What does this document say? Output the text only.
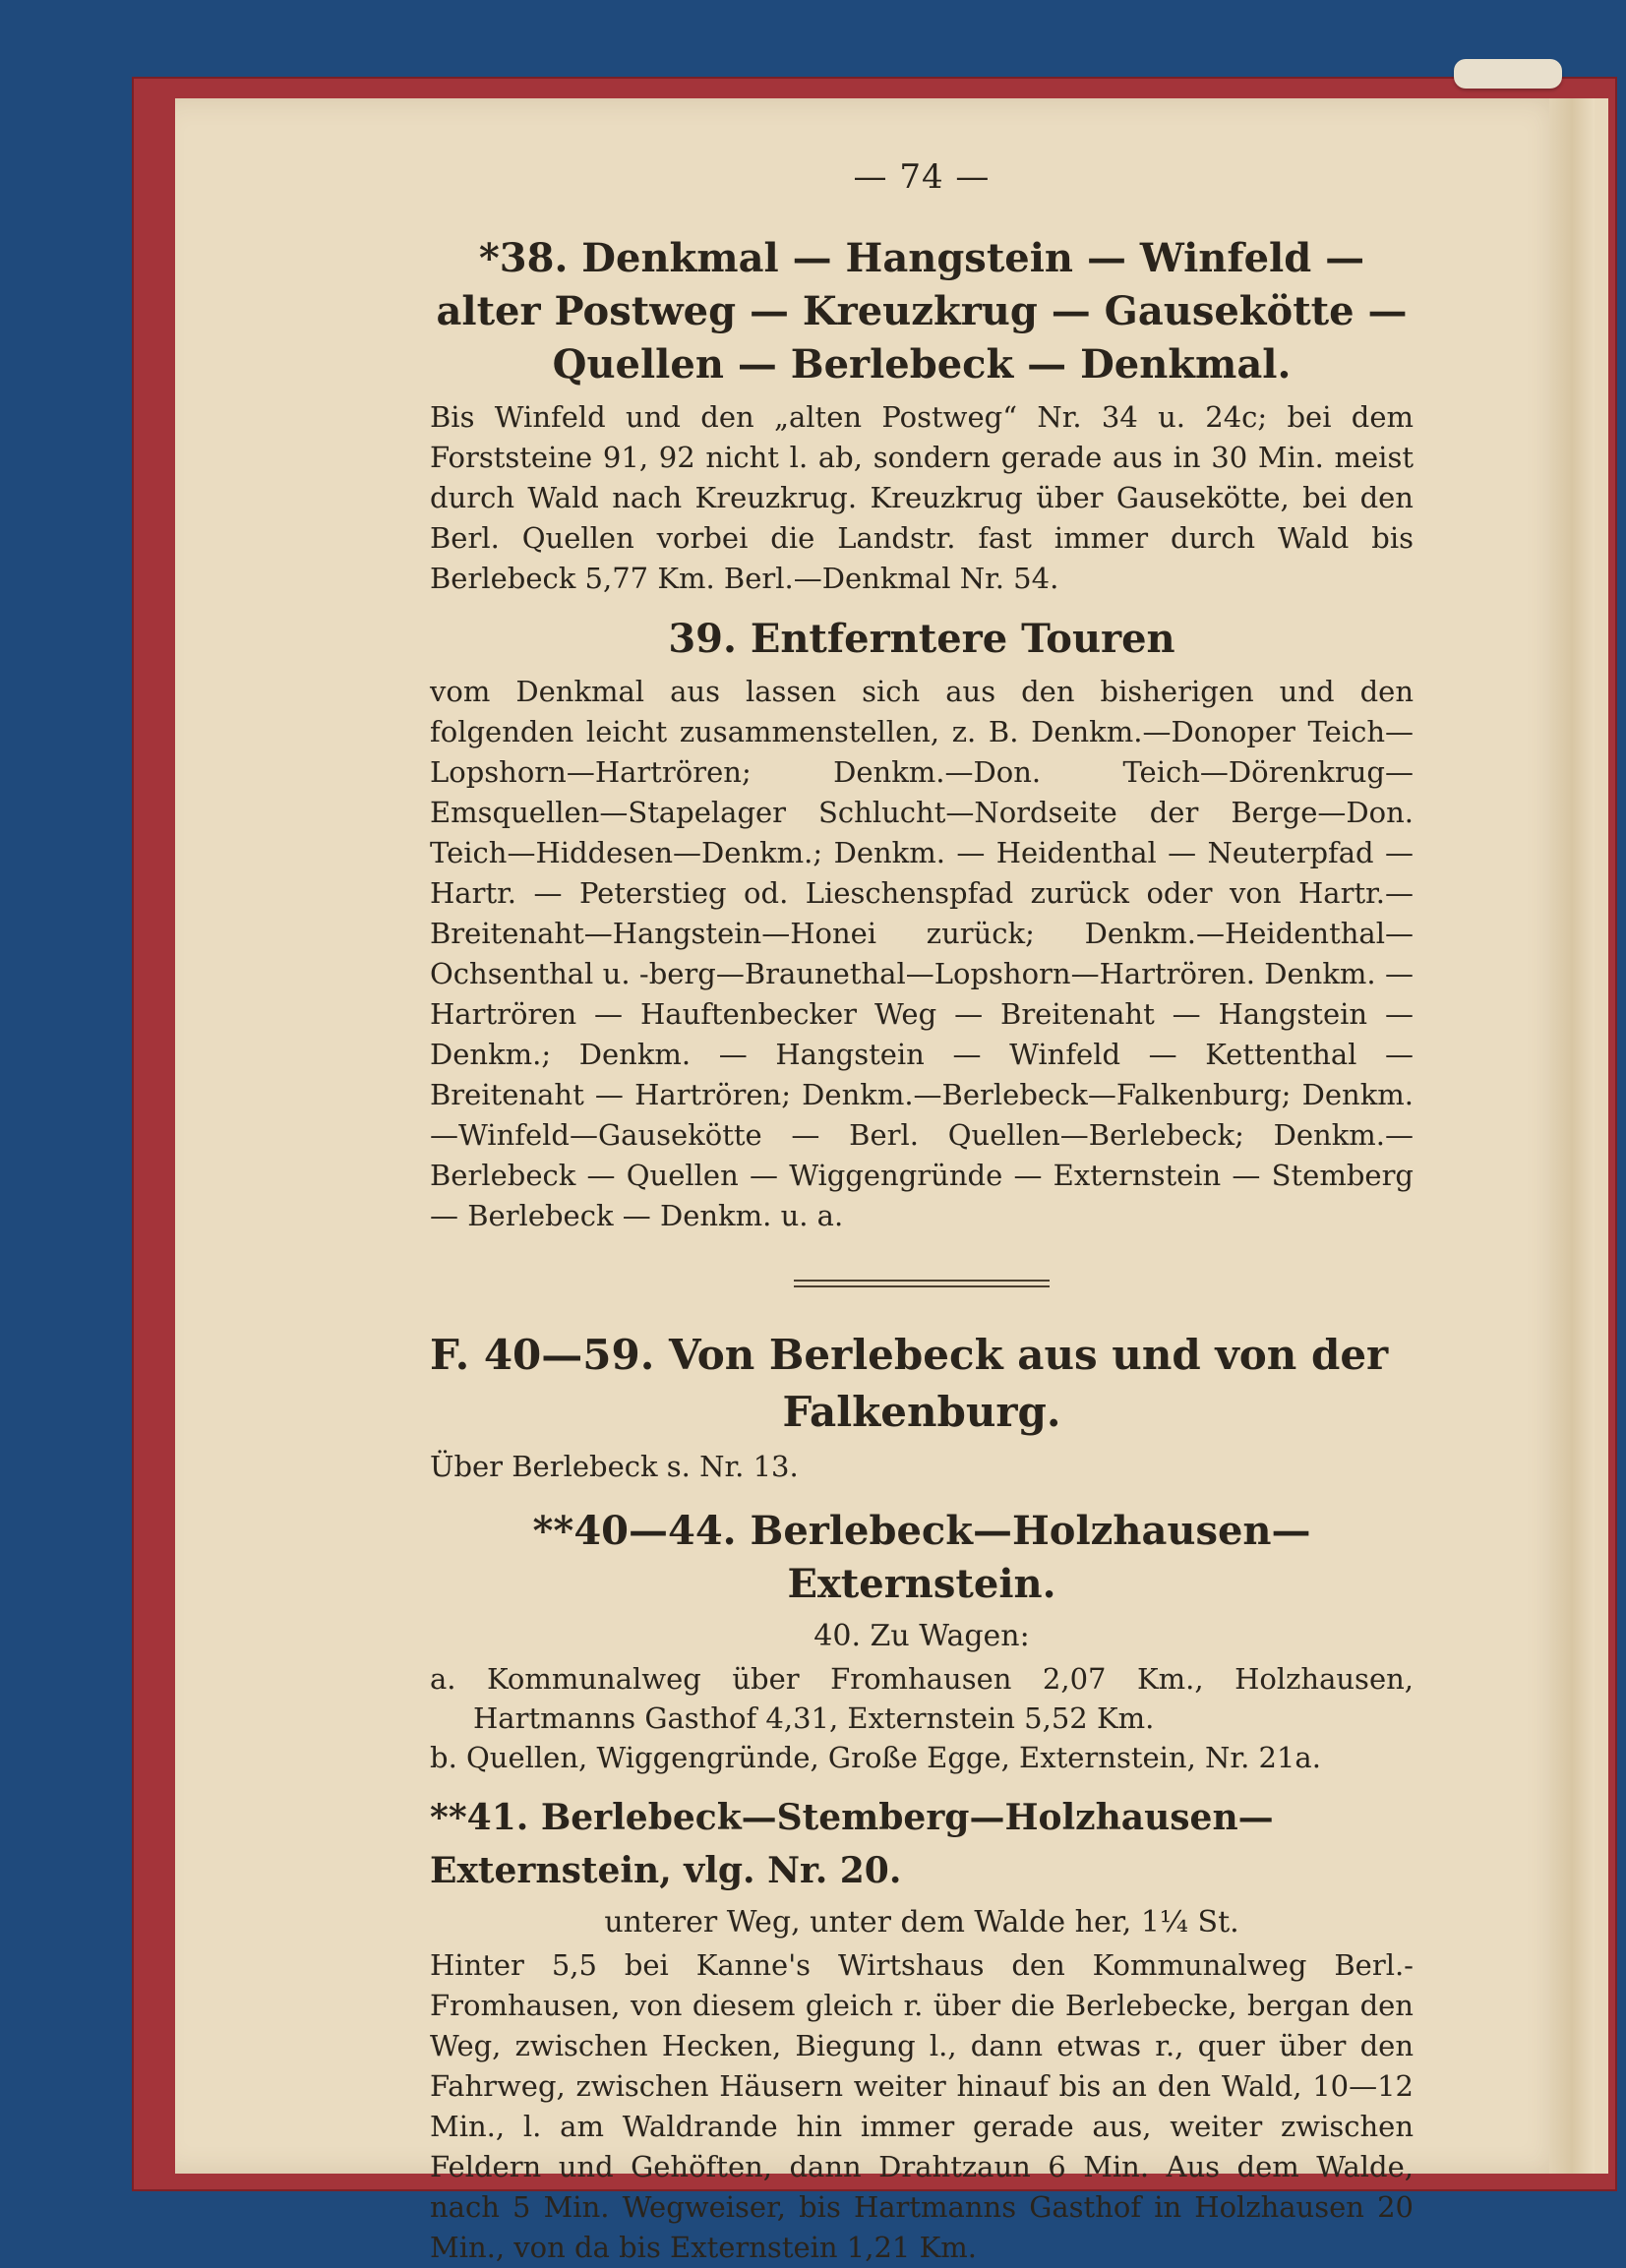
— 74 —
*38. Denkmal — Hangstein — Winfeld — alter Postweg — Kreuzkrug — Gausekötte — Quellen — Berlebeck — Denkmal.

Bis Winfeld und den „alten Postweg“ Nr. 34 u. 24c; bei dem Forststeine 91, 92 nicht l. ab, sondern gerade aus in 30 Min. meist durch Wald nach Kreuzkrug. Kreuzkrug über Gausekötte, bei den Berl. Quellen vorbei die Landstr. fast immer durch Wald bis Berlebeck 5,77 Km. Berl.—Denkmal Nr. 54.

39. Entferntere Touren

vom Denkmal aus lassen sich aus den bisherigen und den folgenden leicht zusammenstellen, z. B. Denkm.—Donoper Teich—Lopshorn—Hartrören; Denkm.—Don. Teich—Dörenkrug—Emsquellen—Stapelager Schlucht—Nordseite der Berge—Don. Teich—Hiddesen—Denkm.; Denkm. — Heidenthal — Neuterpfad — Hartr. — Peterstieg od. Lieschenspfad zurück oder von Hartr.—Breitenaht—Hangstein—Honei zurück; Denkm.—Heidenthal—Ochsenthal u. -berg—Braunethal—Lopshorn—Hartrören. Denkm. — Hartrören — Hauftenbecker Weg — Breitenaht — Hangstein — Denkm.; Denkm. — Hangstein — Winfeld — Kettenthal — Breitenaht — Hartrören; Denkm.—Berlebeck—Falkenburg; Denkm.—Winfeld—Gausekötte — Berl. Quellen—Berlebeck; Denkm.—Berlebeck — Quellen — Wiggengründe — Externstein — Stemberg — Berlebeck — Denkm. u. a.

F. 40—59. Von Berlebeck aus und von der
Falkenburg.

Über Berlebeck s. Nr. 13.

**40—44. Berlebeck—Holzhausen—Externstein.
40. Zu Wagen:
a. Kommunalweg über Fromhausen 2,07 Km., Holzhausen, Hartmanns Gasthof 4,31, Externstein 5,52 Km.
b. Quellen, Wiggengründe, Große Egge, Externstein, Nr. 21a.
**41. Berlebeck—Stemberg—Holzhausen—Externstein, vlg. Nr. 20.
unterer Weg, unter dem Walde her, 1¼ St.

Hinter 5,5 bei Kanne's Wirtshaus den Kommunalweg Berl.-Fromhausen, von diesem gleich r. über die Berlebecke, bergan den Weg, zwischen Hecken, Biegung l., dann etwas r., quer über den Fahrweg, zwischen Häusern weiter hinauf bis an den Wald, 10—12 Min., l. am Waldrande hin immer gerade aus, weiter zwischen Feldern und Gehöften, dann Drahtzaun 6 Min. Aus dem Walde, nach 5 Min. Wegweiser, bis Hartmanns Gasthof in Holzhausen 20 Min., von da bis Externstein 1,21 Km.
